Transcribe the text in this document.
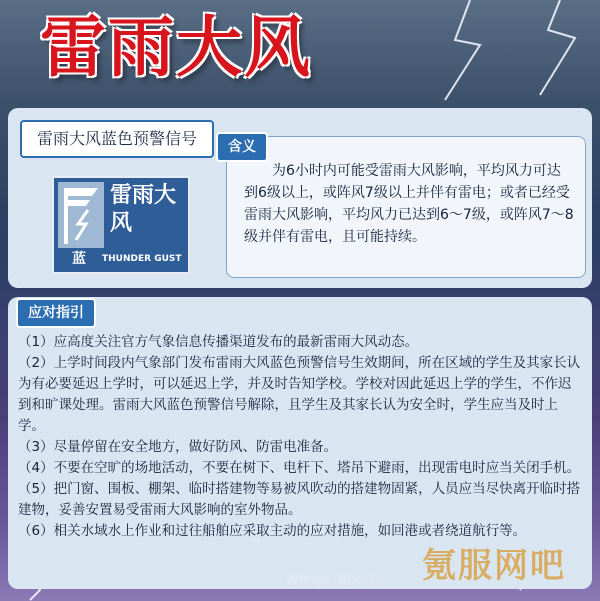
雷雨大风
雷雨大风蓝色预警信号
蓝
雷雨大风
THUNDER GUST
含义
为6小时内可能受雷雨大风影响，平均风力可达到6级以上，或阵风7级以上并伴有雷电；或者已经受雷雨大风影响，平均风力已达到6～7级，或阵风7～8级并伴有雷电，且可能持续。
应对指引

（1）应高度关注官方气象信息传播渠道发布的最新雷雨大风动态。

（2）上学时间段内气象部门发布雷雨大风蓝色预警信号生效期间，所在区域的学生及其家长认为有必要延迟上学时，可以延迟上学，并及时告知学校。学校对因此延迟上学的学生，不作迟到和旷课处理。雷雨大风蓝色预警信号解除，且学生及其家长认为安全时，学生应当及时上学。

（3）尽量停留在安全地方，做好防风、防雷电准备。

（4）不要在空旷的场地活动，不要在树下、电杆下、塔吊下避雨，出现雷电时应当关闭手机。

（5）把门窗、围板、棚架、临时搭建物等易被风吹动的搭建物固紧，人员应当尽快离开临时搭建物，妥善安置易受雷雨大风影响的室外物品。

（6）相关水域水上作业和过往船舶应采取主动的应对措施，如回港或者绕道航行等。

微博 @广州天气 氪服网吧
